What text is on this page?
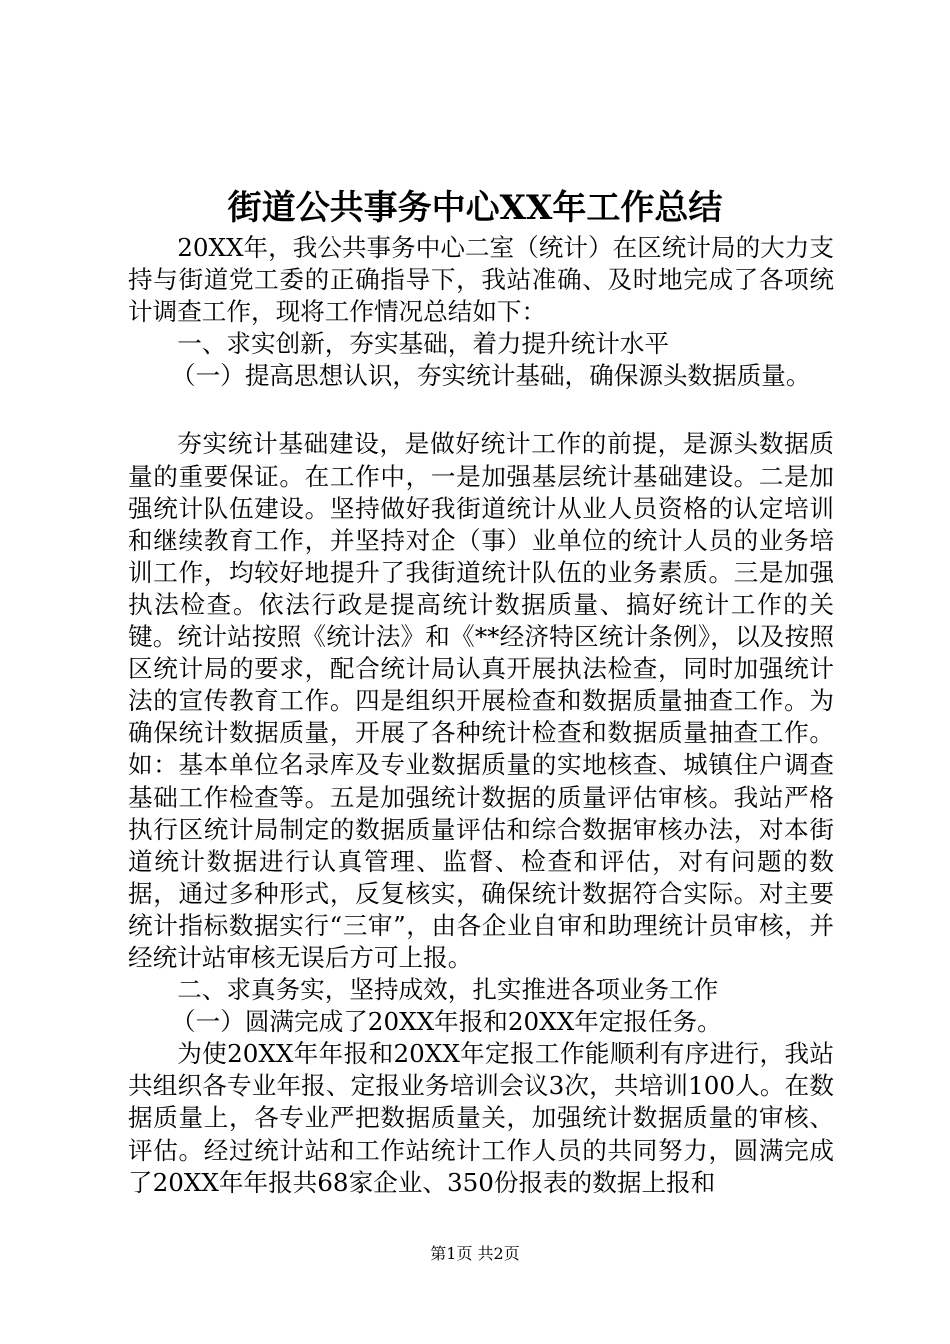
街道公共事务中心XX年工作总结

20XX年，我公共事务中心二室（统计）在区统计局的大力支持与街道党工委的正确指导下，我站准确、及时地完成了各项统计调查工作，现将工作情况总结如下：

一、求实创新，夯实基础，着力提升统计水平

（一）提高思想认识，夯实统计基础，确保源头数据质量。

夯实统计基础建设，是做好统计工作的前提，是源头数据质量的重要保证。在工作中，一是加强基层统计基础建设。二是加强统计队伍建设。坚持做好我街道统计从业人员资格的认定培训和继续教育工作，并坚持对企（事）业单位的统计人员的业务培训工作，均较好地提升了我街道统计队伍的业务素质。三是加强执法检查。依法行政是提高统计数据质量、搞好统计工作的关键。统计站按照《统计法》和《**经济特区统计条例》，以及按照区统计局的要求，配合统计局认真开展执法检查，同时加强统计法的宣传教育工作。四是组织开展检查和数据质量抽查工作。为确保统计数据质量，开展了各种统计检查和数据质量抽查工作。如：基本单位名录库及专业数据质量的实地核查、城镇住户调查基础工作检查等。五是加强统计数据的质量评估审核。我站严格执行区统计局制定的数据质量评估和综合数据审核办法，对本街道统计数据进行认真管理、监督、检查和评估，对有问题的数据，通过多种形式，反复核实，确保统计数据符合实际。对主要统计指标数据实行“三审”，由各企业自审和助理统计员审核，并经统计站审核无误后方可上报。

二、求真务实，坚持成效，扎实推进各项业务工作

（一）圆满完成了20XX年报和20XX年定报任务。

为使20XX年年报和20XX年定报工作能顺利有序进行，我站共组织各专业年报、定报业务培训会议3次，共培训100人。在数据质量上，各专业严把数据质量关，加强统计数据质量的审核、评估。经过统计站和工作站统计工作人员的共同努力，圆满完成了20XX年年报共68家企业、350份报表的数据上报和

第1页 共2页
